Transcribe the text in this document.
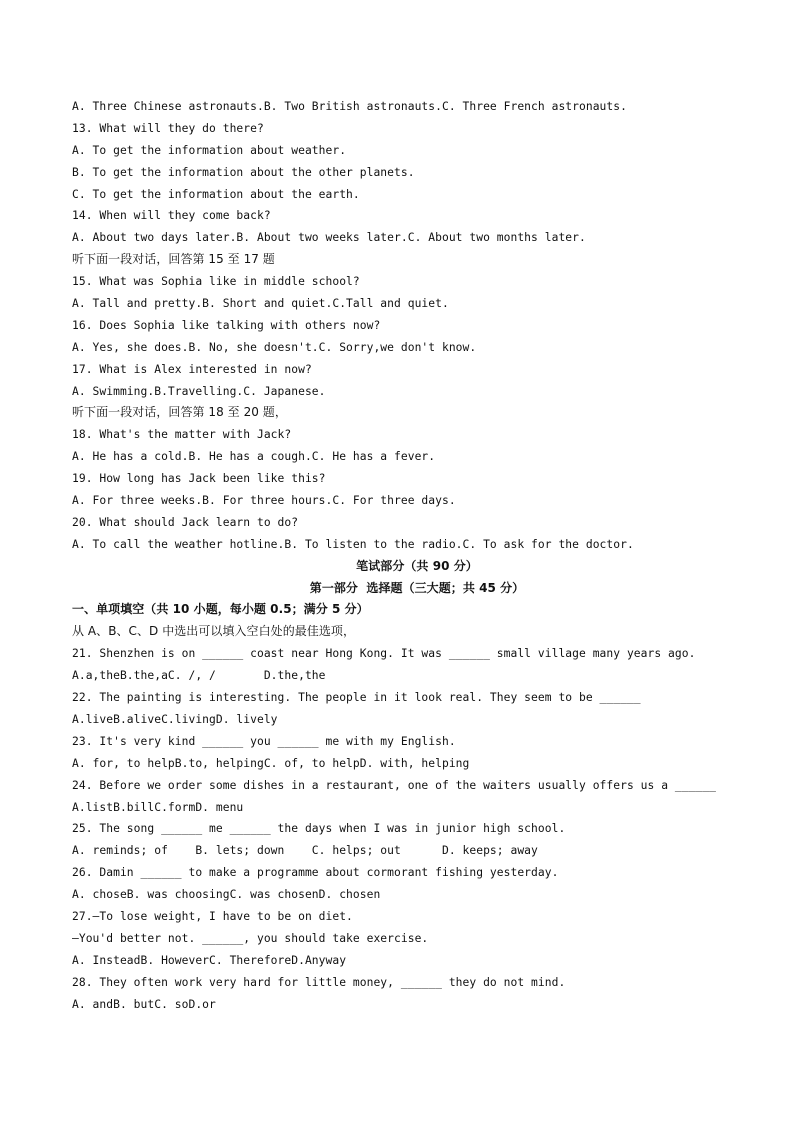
A. Three Chinese astronauts.B. Two British astronauts.C. Three French astronauts.
13. What will they do there?
A. To get the information about weather.
B. To get the information about the other planets.
C. To get the information about the earth.
14. When will they come back?
A. About two days later.B. About two weeks later.C. About two months later.
听下面一段对话，回答第 15 至 17 题
15. What was Sophia like in middle school?
A. Tall and pretty.B. Short and quiet.C.Tall and quiet.
16. Does Sophia like talking with others now?
A. Yes, she does.B. No, she doesn't.C. Sorry,we don't know.
17. What is Alex interested in now?
A. Swimming.B.Travelling.C. Japanese.
听下面一段对话，回答第 18 至 20 题，
18. What's the matter with Jack?
A. He has a cold.B. He has a cough.C. He has a fever.
19. How long has Jack been like this?
A. For three weeks.B. For three hours.C. For three days.
20. What should Jack learn to do?
A. To call the weather hotline.B. To listen to the radio.C. To ask for the doctor.
笔试部分（共 90 分）
第一部分  选择题（三大题；共 45 分）
一、单项填空（共 10 小题，每小题 0.5；满分 5 分）
从 A、B、C、D 中选出可以填入空白处的最佳选项，
21. Shenzhen is on ______ coast near Hong Kong. It was ______ small village many years ago.
A.a,theB.the,aC. /, /       D.the,the
22. The painting is interesting. The people in it look real. They seem to be ______
A.liveB.aliveC.livingD. lively
23. It's very kind ______ you ______ me with my English.
A. for, to helpB.to, helpingC. of, to helpD. with, helping
24. Before we order some dishes in a restaurant, one of the waiters usually offers us a ______
A.listB.billC.formD. menu
25. The song ______ me ______ the days when I was in junior high school.
A. reminds; of    B. lets; down    C. helps; out      D. keeps; away
26. Damin ______ to make a programme about cormorant fishing yesterday.
A. choseB. was choosingC. was chosenD. chosen
27.—To lose weight, I have to be on diet.
—You'd better not. ______, you should take exercise.
A. InsteadB. HoweverC. ThereforeD.Anyway
28. They often work very hard for little money, ______ they do not mind.
A. andB. butC. soD.or
